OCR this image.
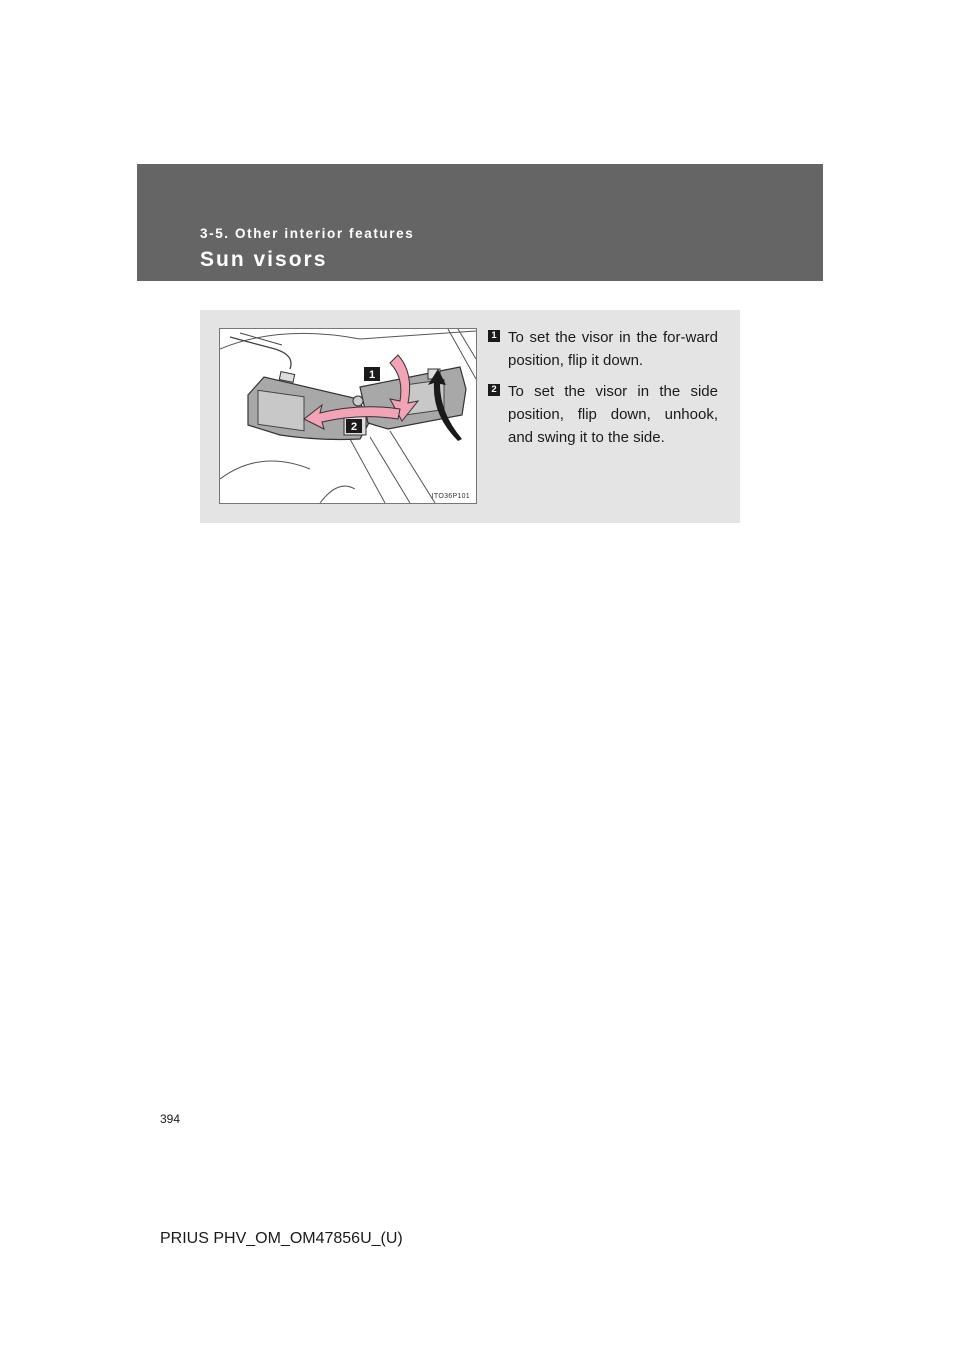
3-5. Other interior features
Sun visors
1
2
ITO36P101
1 To set the visor in the for-ward position, flip it down.
2 To set the visor in the side position, flip down, unhook, and swing it to the side.
394
PRIUS PHV_OM_OM47856U_(U)
